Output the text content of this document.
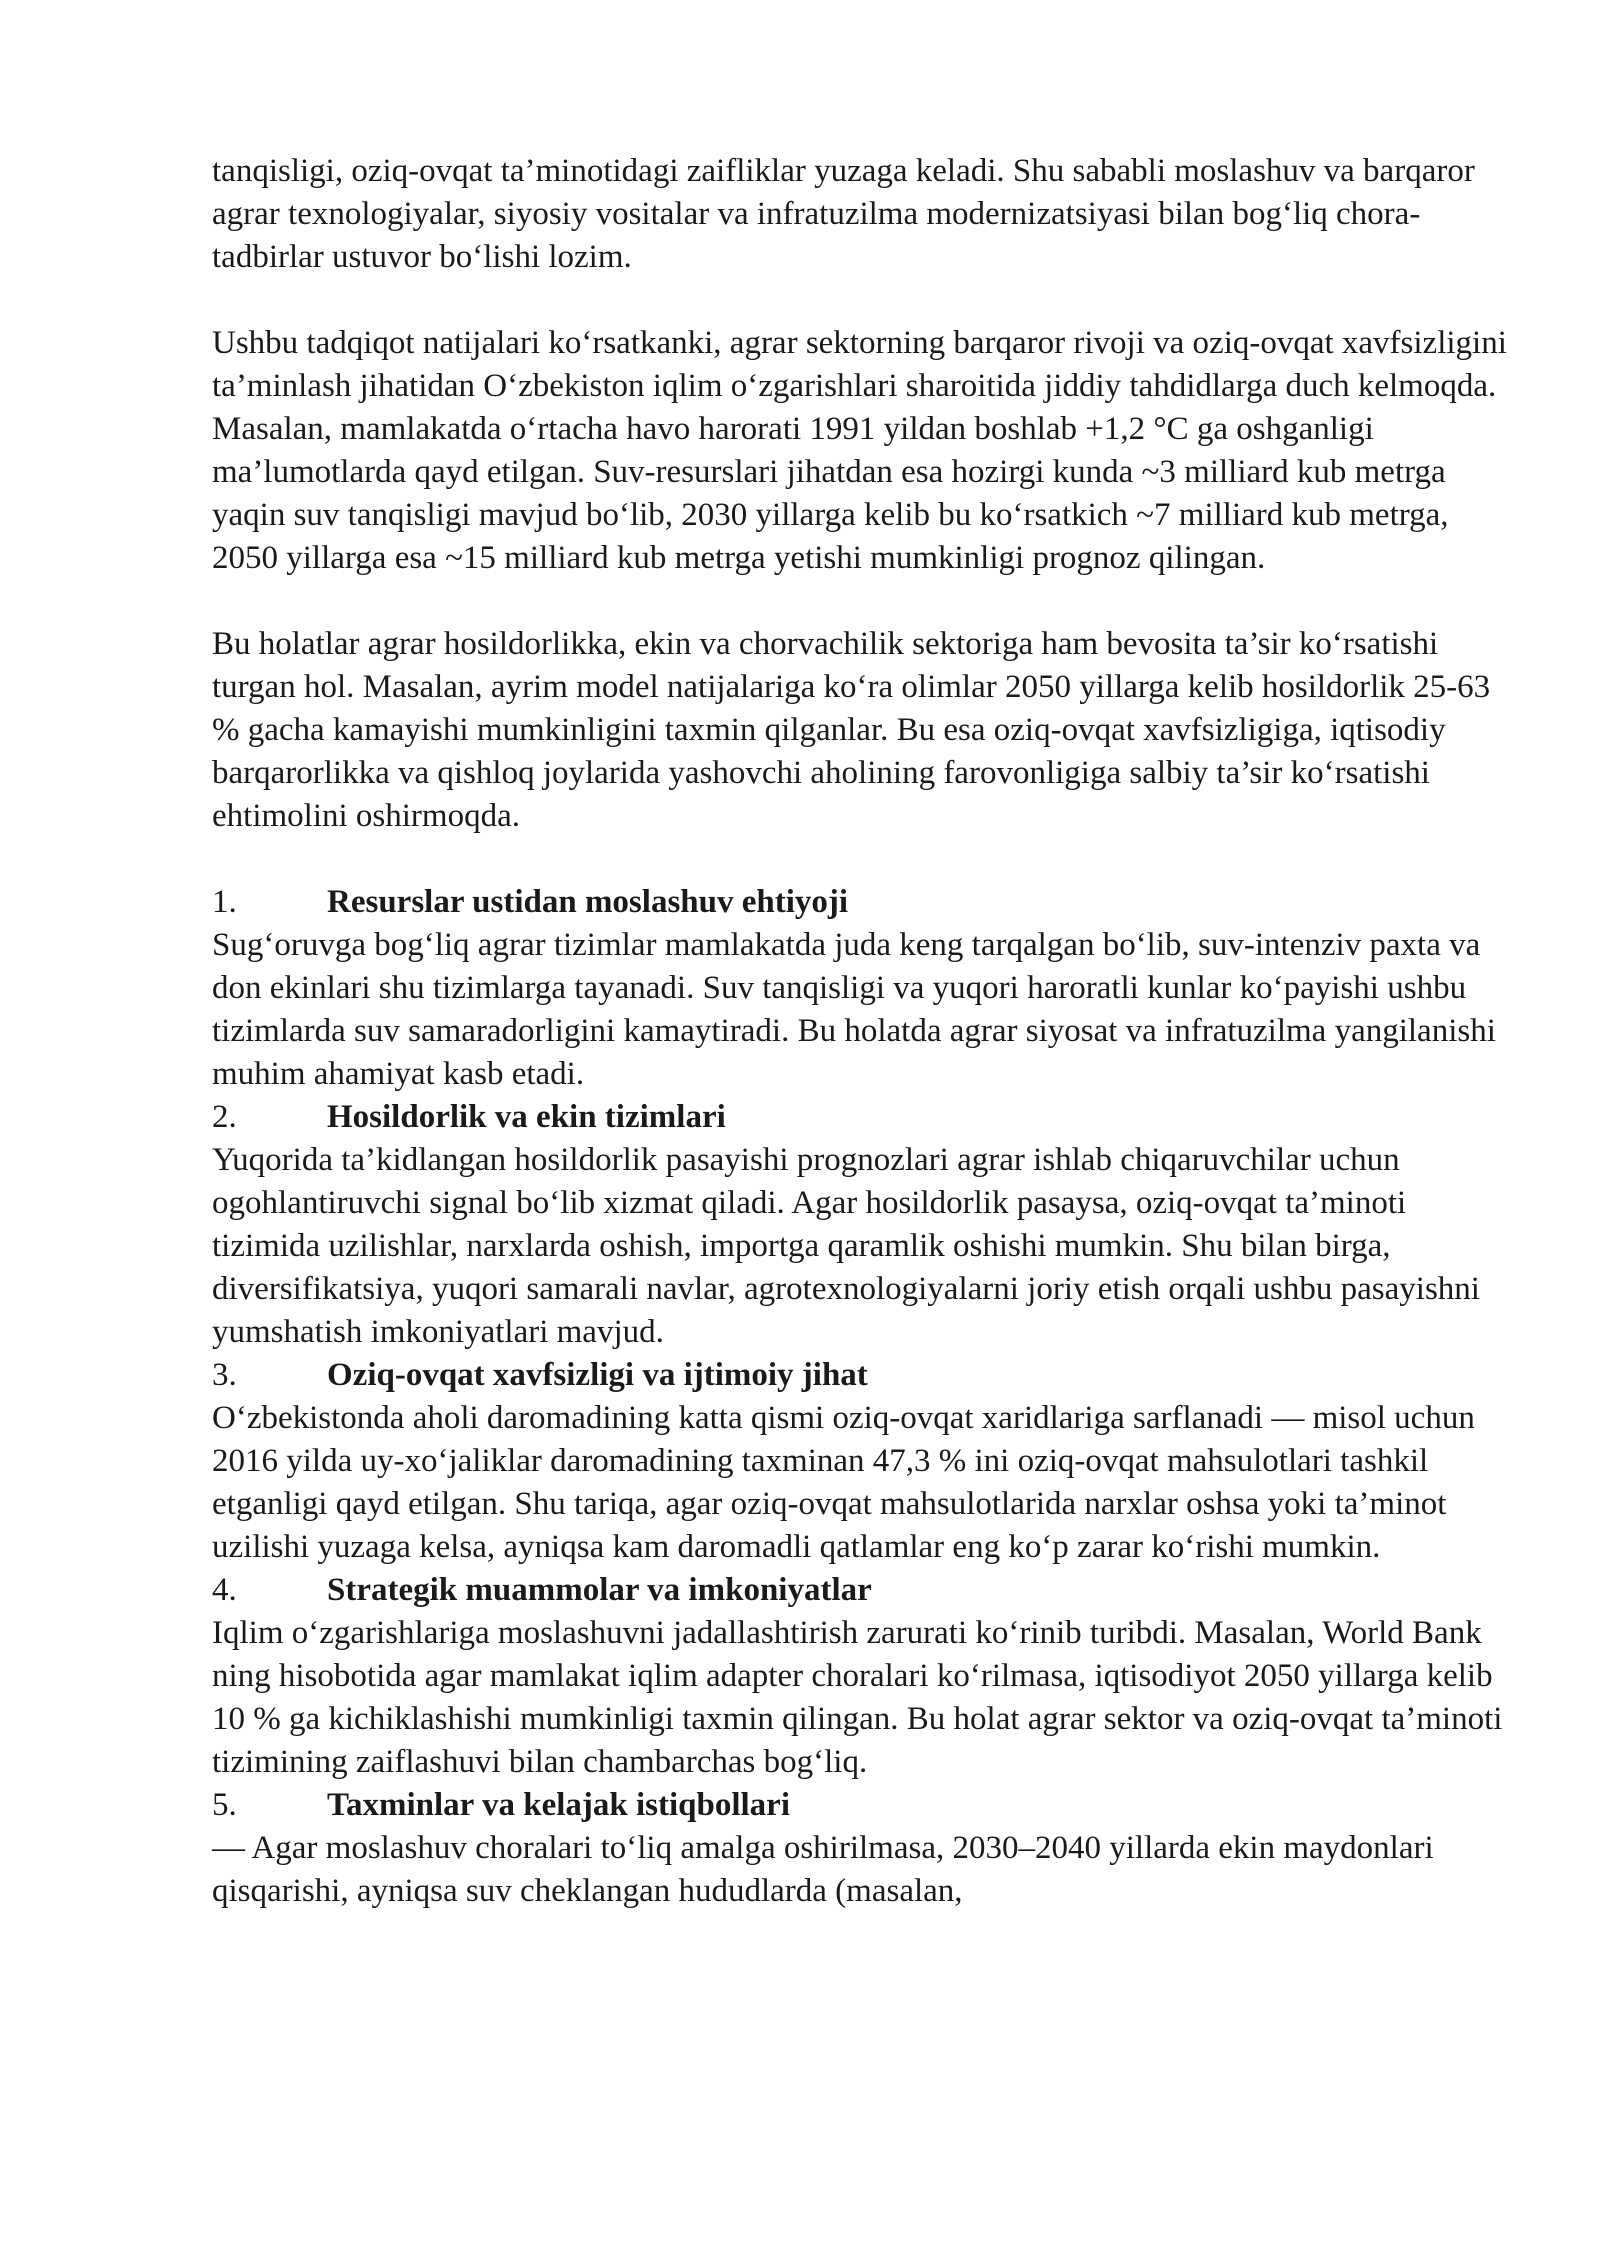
tanqisligi, oziq-ovqat ta’minotidagi zaifliklar yuzaga keladi. Shu sababli moslashuv va barqaror agrar texnologiyalar, siyosiy vositalar va infratuzilma modernizatsiyasi bilan bog‘liq chora-tadbirlar ustuvor bo‘lishi lozim.

Ushbu tadqiqot natijalari ko‘rsatkanki, agrar sektorning barqaror rivoji va oziq-ovqat xavfsizligini ta’minlash jihatidan O‘zbekiston iqlim o‘zgarishlari sharoitida jiddiy tahdidlarga duch kelmoqda. Masalan, mamlakatda o‘rtacha havo harorati 1991 yildan boshlab +1,2 °C ga oshganligi ma’lumotlarda qayd etilgan. Suv-resurslari jihatdan esa hozirgi kunda ~3 milliard kub metrga yaqin suv tanqisligi mavjud bo‘lib, 2030 yillarga kelib bu ko‘rsatkich ~7 milliard kub metrga, 2050 yillarga esa ~15 milliard kub metrga yetishi mumkinligi prognoz qilingan.

Bu holatlar agrar hosildorlikka, ekin va chorvachilik sektoriga ham bevosita ta’sir ko‘rsatishi turgan hol. Masalan, ayrim model natijalariga ko‘ra olimlar 2050 yillarga kelib hosildorlik 25-63 % gacha kamayishi mumkinligini taxmin qilganlar. Bu esa oziq-ovqat xavfsizligiga, iqtisodiy barqarorlikka va qishloq joylarida yashovchi aholining farovonligiga salbiy ta’sir ko‘rsatishi ehtimolini oshirmoqda.

1.	Resurslar ustidan moslashuv ehtiyoji

Sug‘oruvga bog‘liq agrar tizimlar mamlakatda juda keng tarqalgan bo‘lib, suv-intenziv paxta va don ekinlari shu tizimlarga tayanadi. Suv tanqisligi va yuqori haroratli kunlar ko‘payishi ushbu tizimlarda suv samaradorligini kamaytiradi. Bu holatda agrar siyosat va infratuzilma yangilanishi muhim ahamiyat kasb etadi.

2.	Hosildorlik va ekin tizimlari

Yuqorida ta’kidlangan hosildorlik pasayishi prognozlari agrar ishlab chiqaruvchilar uchun ogohlantiruvchi signal bo‘lib xizmat qiladi. Agar hosildorlik pasaysa, oziq-ovqat ta’minoti tizimida uzilishlar, narxlarda oshish, importga qaramlik oshishi mumkin. Shu bilan birga, diversifikatsiya, yuqori samarali navlar, agrotexnologiyalarni joriy etish orqali ushbu pasayishni yumshatish imkoniyatlari mavjud.

3.	Oziq-ovqat xavfsizligi va ijtimoiy jihat

O‘zbekistonda aholi daromadining katta qismi oziq-ovqat xaridlariga sarflanadi — misol uchun 2016 yilda uy-xo‘jaliklar daromadining taxminan 47,3 % ini oziq-ovqat mahsulotlari tashkil etganligi qayd etilgan. Shu tariqa, agar oziq-ovqat mahsulotlarida narxlar oshsa yoki ta’minot uzilishi yuzaga kelsa, ayniqsa kam daromadli qatlamlar eng ko‘p zarar ko‘rishi mumkin.

4.	Strategik muammolar va imkoniyatlar

Iqlim o‘zgarishlariga moslashuvni jadallashtirish zarurati ko‘rinib turibdi. Masalan, World Bank ning hisobotida agar mamlakat iqlim adapter choralari ko‘rilmasa, iqtisodiyot 2050 yillarga kelib 10 % ga kichiklashishi mumkinligi taxmin qilingan. Bu holat agrar sektor va oziq-ovqat ta’minoti tizimining zaiflashuvi bilan chambarchas bog‘liq.

5.	Taxminlar va kelajak istiqbollari

— Agar moslashuv choralari to‘liq amalga oshirilmasa, 2030–2040 yillarda ekin maydonlari qisqarishi, ayniqsa suv cheklangan hududlarda (masalan,
